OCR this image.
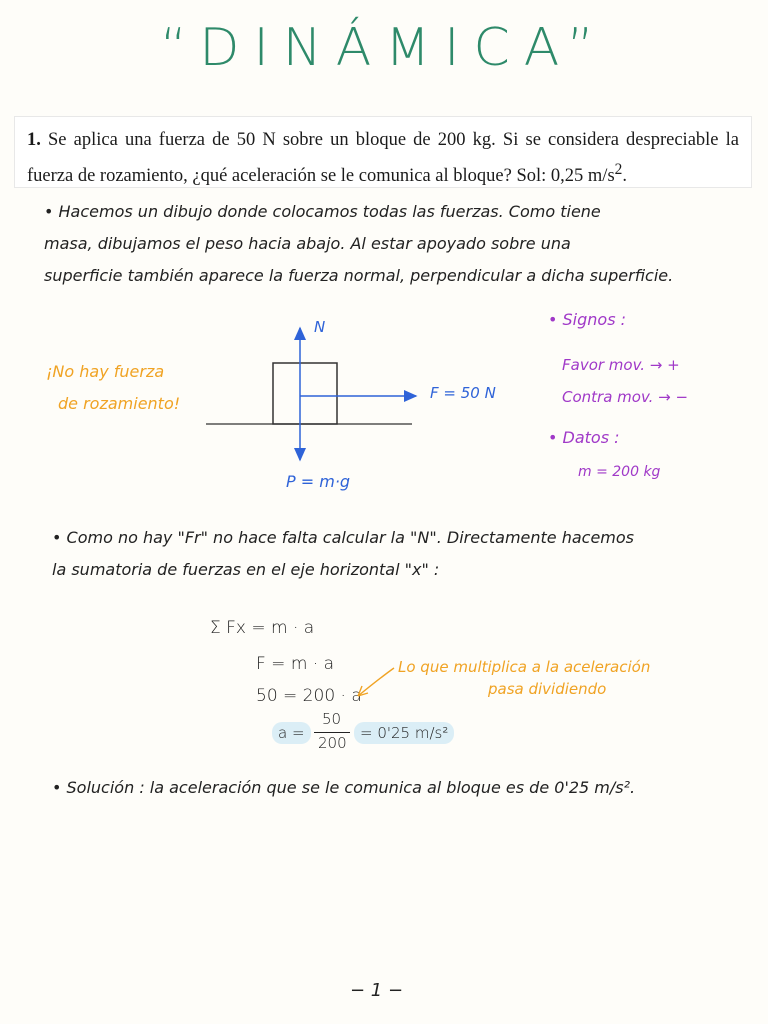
“DINÁMICA”

1. Se aplica una fuerza de 50 N sobre un bloque de 200 kg. Si se considera despreciable la fuerza de rozamiento, ¿qué aceleración se le comunica al bloque? Sol: 0,25 $m/s^2$.

• Hacemos un dibujo donde colocamos todas las fuerzas. Como tiene
masa, dibujamos el peso hacia abajo. Al estar apoyado sobre una
superficie también aparece la fuerza normal, perpendicular a dicha superficie.
N
F = 50 N
P = m·g
¡No hay fuerza
de rozamiento!
• Signos :
Favor mov. → +
Contra mov. → −
• Datos :
m = 200 kg
• Como no hay "Fr" no hace falta calcular la "N". Directamente hacemos
la sumatoria de fuerzas en el eje horizontal "x" :
Σ Fx = m · a
F = m · a
50 = 200 · a
a =
50
200
= 0'25 m/s²
Lo que multiplica a la aceleración
pasa dividiendo
• Solución : la aceleración que se le comunica al bloque es de 0'25 m/s².
− 1 −
